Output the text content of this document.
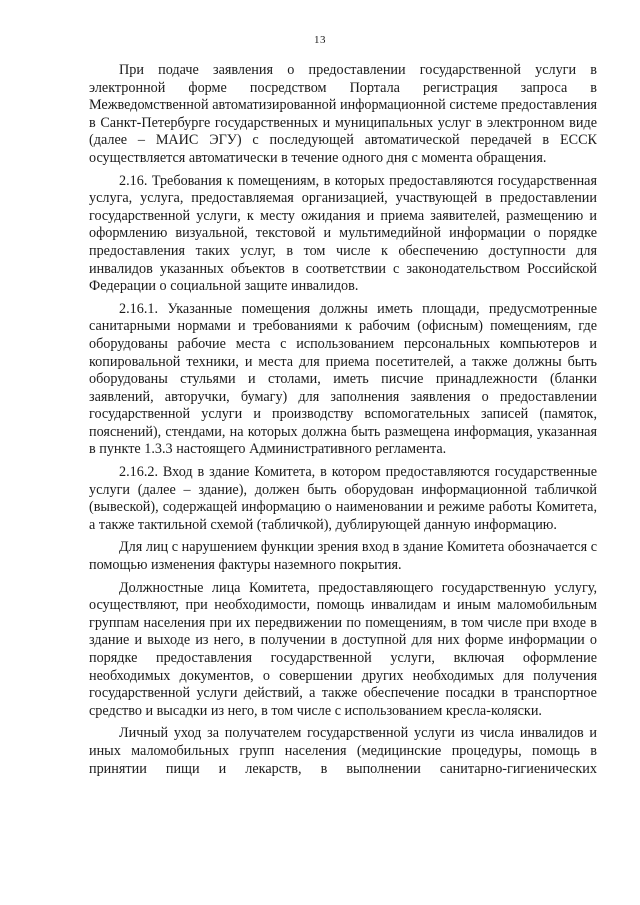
13

При подаче заявления о предоставлении государственной услуги в электронной форме посредством Портала регистрация запроса в Межведомственной автоматизированной информационной системе предоставления в Санкт-Петербурге государственных и муниципальных услуг в электронном виде (далее – МАИС ЭГУ) с последующей автоматической передачей в ЕССК осуществляется автоматически в течение одного дня с момента обращения.

2.16. Требования к помещениям, в которых предоставляются государственная услуга, услуга, предоставляемая организацией, участвующей в предоставлении государственной услуги, к месту ожидания и приема заявителей, размещению и оформлению визуальной, текстовой и мультимедийной информации о порядке предоставления таких услуг, в том числе к обеспечению доступности для инвалидов указанных объектов в соответствии с законодательством Российской Федерации о социальной защите инвалидов.

2.16.1. Указанные помещения должны иметь площади, предусмотренные санитарными нормами и требованиями к рабочим (офисным) помещениям, где оборудованы рабочие места с использованием персональных компьютеров и копировальной техники, и места для приема посетителей, а также должны быть оборудованы стульями и столами, иметь писчие принадлежности (бланки заявлений, авторучки, бумагу) для заполнения заявления о предоставлении государственной услуги и производству вспомогательных записей (памяток, пояснений), стендами, на которых должна быть размещена информация, указанная в пункте 1.3.3 настоящего Административного регламента.

2.16.2. Вход в здание Комитета, в котором предоставляются государственные услуги (далее – здание), должен быть оборудован информационной табличкой (вывеской), содержащей информацию о наименовании и режиме работы Комитета, а также тактильной схемой (табличкой), дублирующей данную информацию.

Для лиц с нарушением функции зрения вход в здание Комитета обозначается с помощью изменения фактуры наземного покрытия.

Должностные лица Комитета, предоставляющего государственную услугу, осуществляют, при необходимости, помощь инвалидам и иным маломобильным группам населения при их передвижении по помещениям, в том числе при входе в здание и выходе из него, в получении в доступной для них форме информации о порядке предоставления государственной услуги, включая оформление необходимых документов, о совершении других необходимых для получения государственной услуги действий, а также обеспечение посадки в транспортное средство и высадки из него, в том числе с использованием кресла-коляски.

Личный уход за получателем государственной услуги из числа инвалидов и иных маломобильных групп населения (медицинские процедуры, помощь в принятии пищи и лекарств, в выполнении санитарно-гигиенических
